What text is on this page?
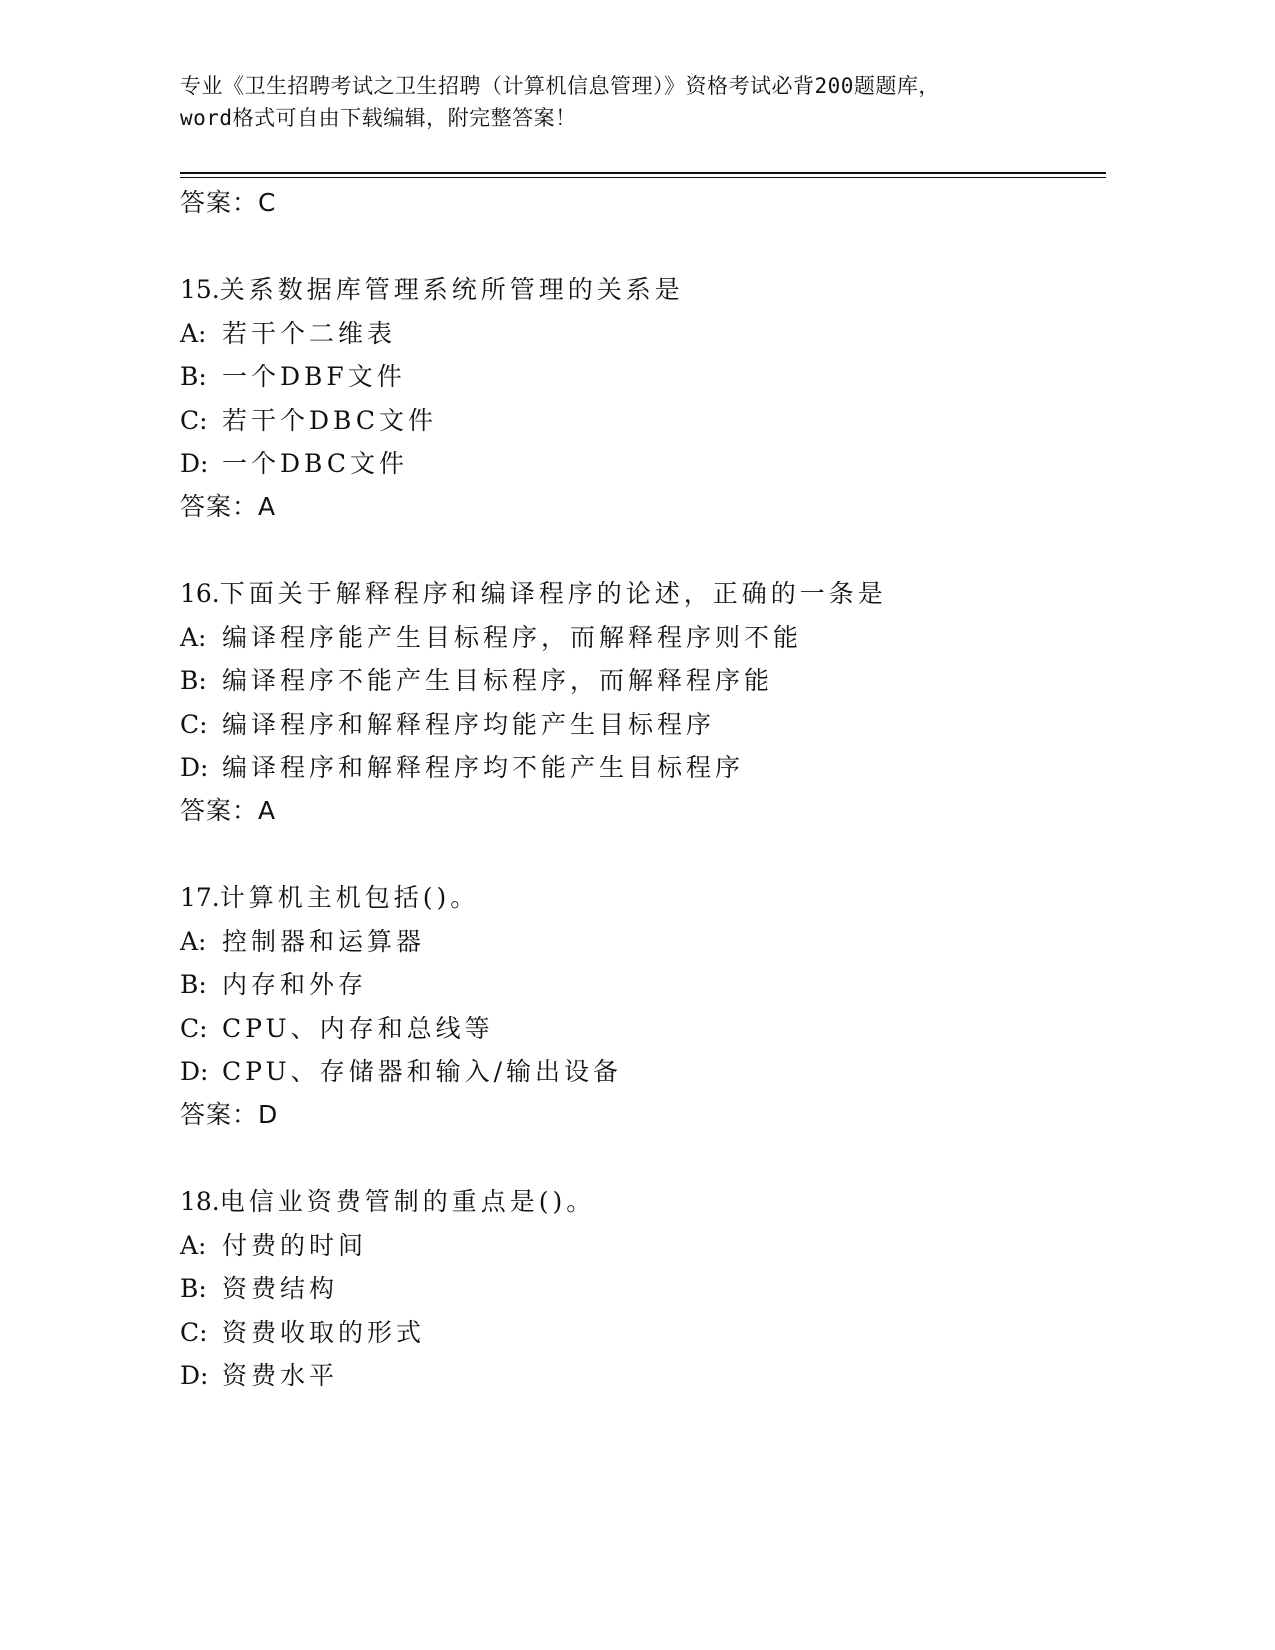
专业《卫生招聘考试之卫生招聘（计算机信息管理）》资格考试必背200题题库，
word格式可自由下载编辑，附完整答案！
答案：C
15.关系数据库管理系统所管理的关系是
A: 若干个二维表
B: 一个DBF文件
C: 若干个DBC文件
D: 一个DBC文件
答案：A
16.下面关于解释程序和编译程序的论述，正确的一条是
A: 编译程序能产生目标程序，而解释程序则不能
B: 编译程序不能产生目标程序，而解释程序能
C: 编译程序和解释程序均能产生目标程序
D: 编译程序和解释程序均不能产生目标程序
答案：A
17.计算机主机包括()。
A: 控制器和运算器
B: 内存和外存
C: CPU、内存和总线等
D: CPU、存储器和输入/输出设备
答案：D
18.电信业资费管制的重点是()。
A: 付费的时间
B: 资费结构
C: 资费收取的形式
D: 资费水平
